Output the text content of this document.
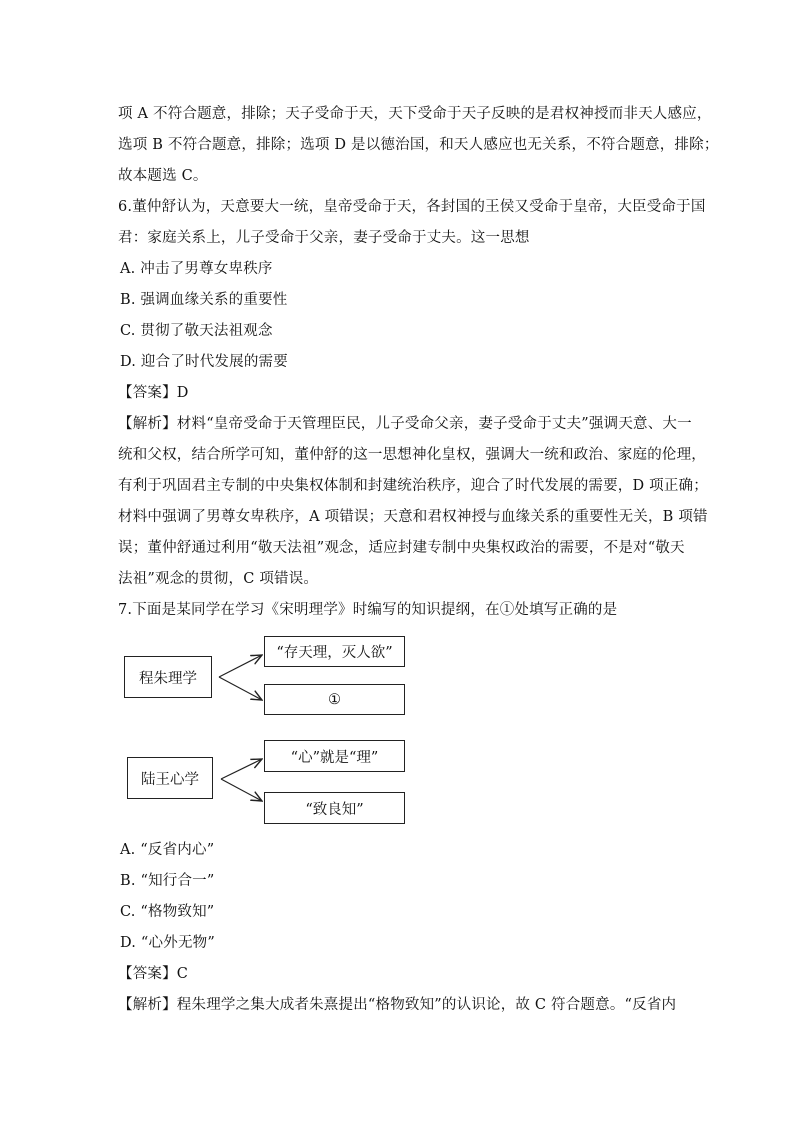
项 A 不符合题意，排除；天子受命于天，天下受命于天子反映的是君权神授而非天人感应，
选项 B 不符合题意，排除；选项 D 是以德治国，和天人感应也无关系，不符合题意，排除；
故本题选 C。
6.董仲舒认为，天意要大一统，皇帝受命于天，各封国的王侯又受命于皇帝，大臣受命于国
君：家庭关系上，儿子受命于父亲，妻子受命于丈夫。这一思想
A. 冲击了男尊女卑秩序
B. 强调血缘关系的重要性
C. 贯彻了敬天法祖观念
D. 迎合了时代发展的需要
【答案】D
【解析】材料“皇帝受命于天管理臣民，儿子受命父亲，妻子受命于丈夫”强调天意、大一
统和父权，结合所学可知，董仲舒的这一思想神化皇权，强调大一统和政治、家庭的伦理，
有利于巩固君主专制的中央集权体制和封建统治秩序，迎合了时代发展的需要，D 项正确；
材料中强调了男尊女卑秩序，A 项错误；天意和君权神授与血缘关系的重要性无关，B 项错
误；董仲舒通过利用“敬天法祖”观念，适应封建专制中央集权政治的需要，不是对“敬天
法祖”观念的贯彻，C 项错误。
7.下面是某同学在学习《宋明理学》时编写的知识提纲，在①处填写正确的是
程朱理学
“存天理，灭人欲”
①
陆王心学
“心”就是“理”
“致良知”
A. “反省内心”
B. “知行合一”
C. “格物致知”
D. “心外无物”
【答案】C
【解析】程朱理学之集大成者朱熹提出“格物致知”的认识论，故 C 符合题意。“反省内
